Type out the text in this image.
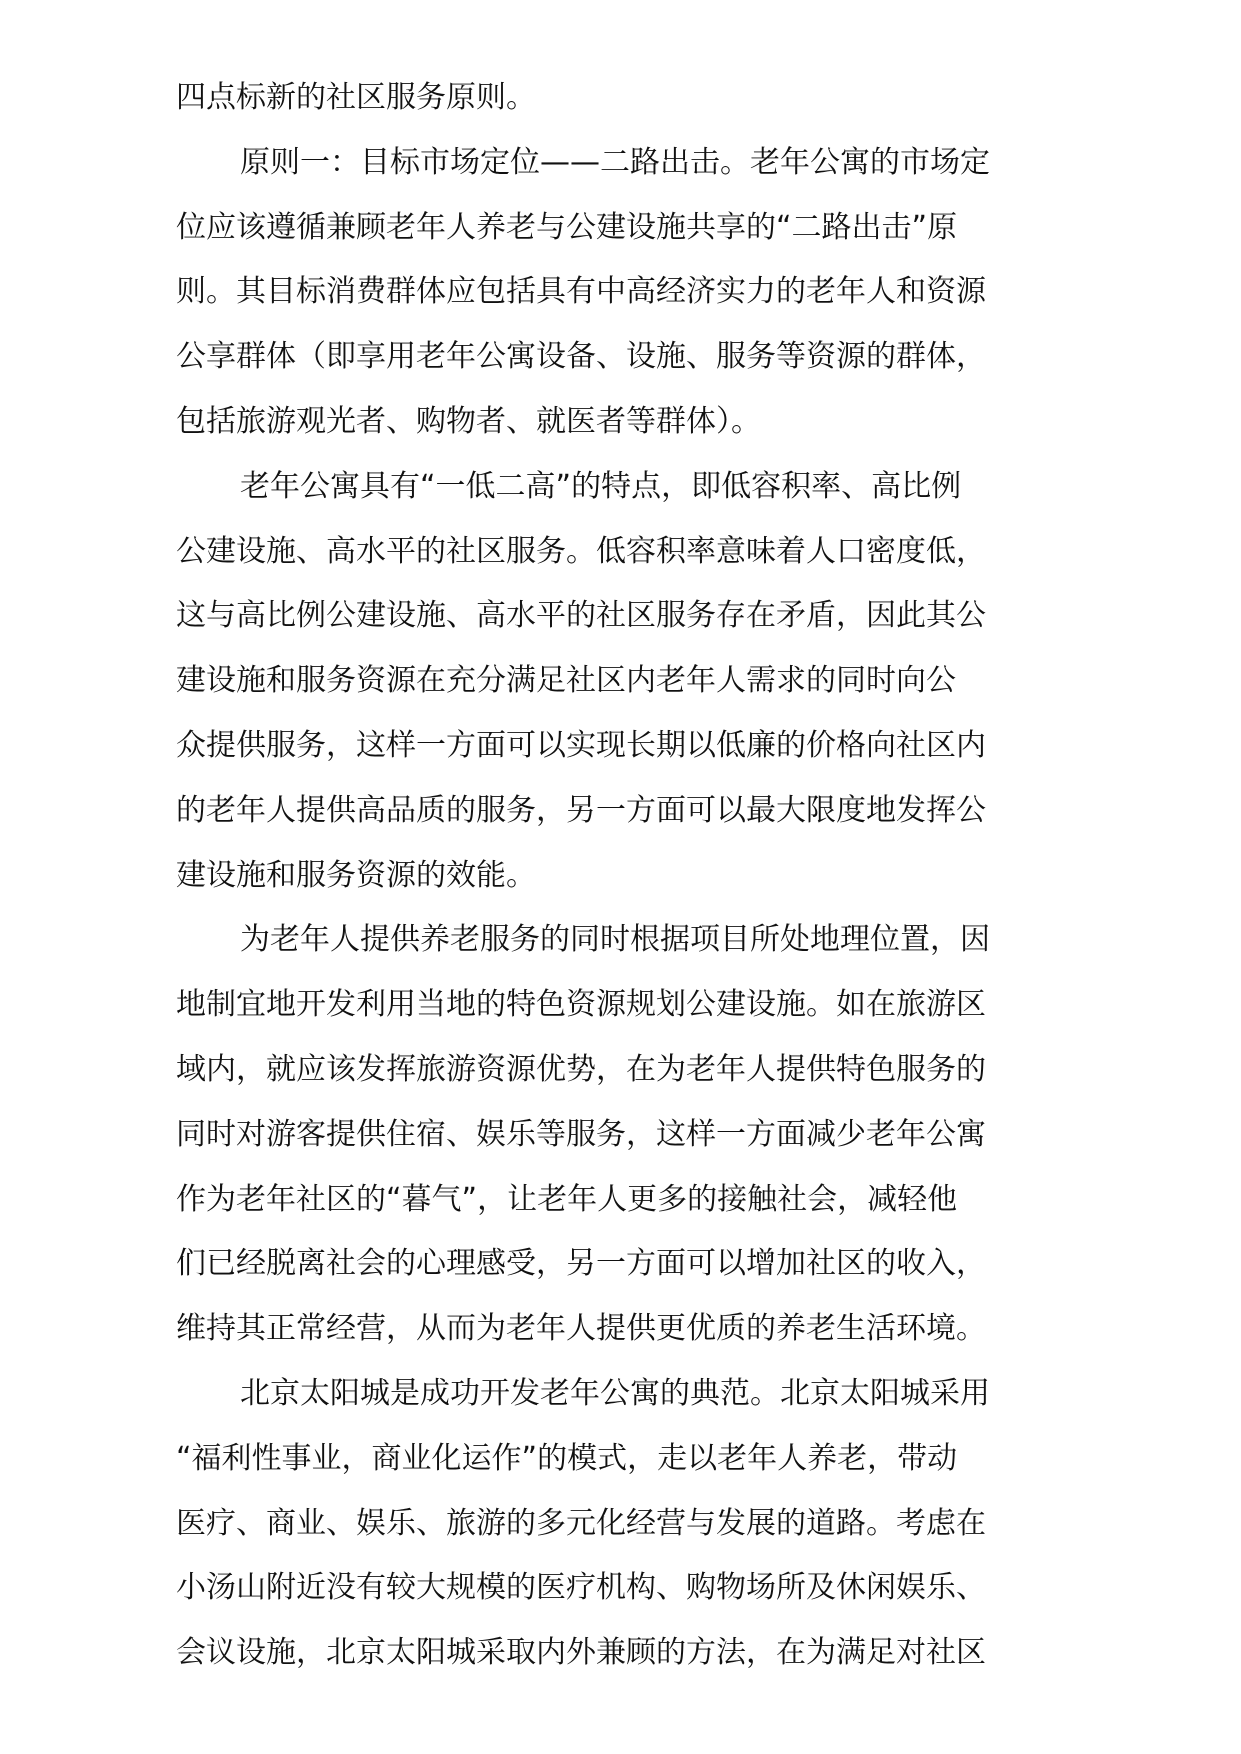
四点标新的社区服务原则。
原则一：目标市场定位——二路出击。老年公寓的市场定
位应该遵循兼顾老年人养老与公建设施共享的“二路出击”原
则。其目标消费群体应包括具有中高经济实力的老年人和资源
公享群体（即享用老年公寓设备、设施、服务等资源的群体，
包括旅游观光者、购物者、就医者等群体）。
老年公寓具有“一低二高”的特点，即低容积率、高比例
公建设施、高水平的社区服务。低容积率意味着人口密度低，
这与高比例公建设施、高水平的社区服务存在矛盾，因此其公
建设施和服务资源在充分满足社区内老年人需求的同时向公
众提供服务，这样一方面可以实现长期以低廉的价格向社区内
的老年人提供高品质的服务，另一方面可以最大限度地发挥公
建设施和服务资源的效能。
为老年人提供养老服务的同时根据项目所处地理位置，因
地制宜地开发利用当地的特色资源规划公建设施。如在旅游区
域内，就应该发挥旅游资源优势，在为老年人提供特色服务的
同时对游客提供住宿、娱乐等服务，这样一方面减少老年公寓
作为老年社区的“暮气”，让老年人更多的接触社会，减轻他
们已经脱离社会的心理感受，另一方面可以增加社区的收入，
维持其正常经营，从而为老年人提供更优质的养老生活环境。
北京太阳城是成功开发老年公寓的典范。北京太阳城采用
“福利性事业，商业化运作”的模式，走以老年人养老，带动
医疗、商业、娱乐、旅游的多元化经营与发展的道路。考虑在
小汤山附近没有较大规模的医疗机构、购物场所及休闲娱乐、
会议设施，北京太阳城采取内外兼顾的方法，在为满足对社区
